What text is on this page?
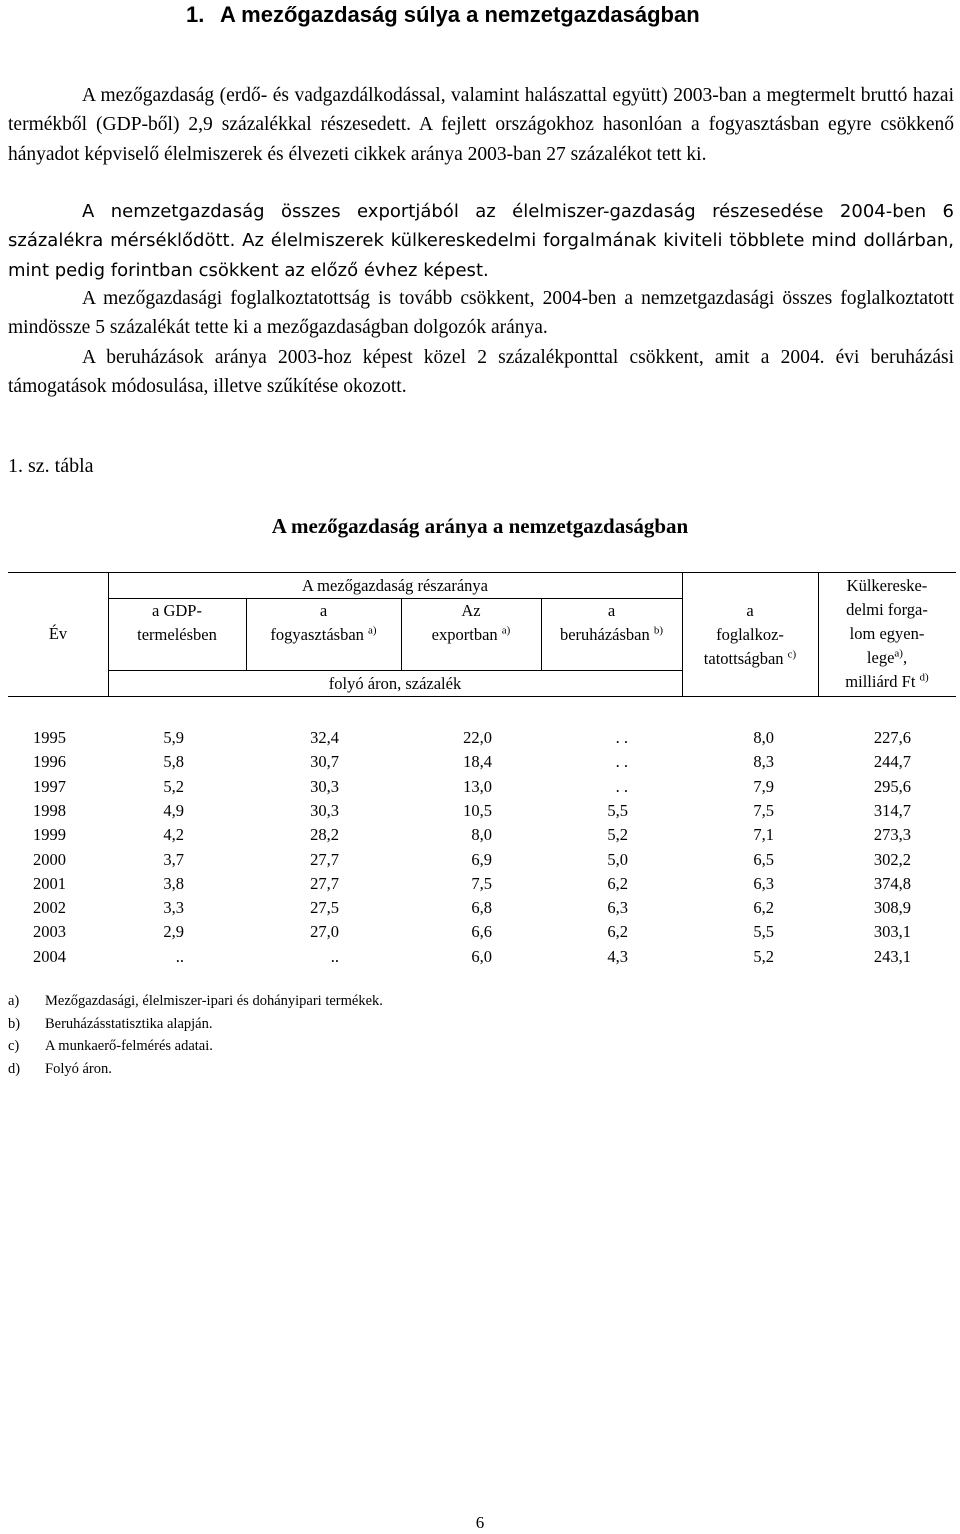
1. A mezőgazdaság súlya a nemzetgazdaságban
A mezőgazdaság (erdő- és vadgazdálkodással, valamint halászattal együtt) 2003-ban a megtermelt bruttó hazai termékből (GDP-ből) 2,9 százalékkal részesedett. A fejlett országokhoz hasonlóan a fogyasztásban egyre csökkenő hányadot képviselő élelmiszerek és élvezeti cikkek aránya 2003-ban 27 százalékot tett ki.
A nemzetgazdaság összes exportjából az élelmiszer-gazdaság részesedése 2004-ben 6 százalékra mérséklődött. Az élelmiszerek külkereskedelmi forgalmának kiviteli többlete mind dollárban, mint pedig forintban csökkent az előző évhez képest.
A mezőgazdasági foglalkoztatottság is tovább csökkent, 2004-ben a nemzetgazdasági összes foglalkoztatott mindössze 5 százalékát tette ki a mezőgazdaságban dolgozók aránya.
A beruházások aránya 2003-hoz képest közel 2 százalékponttal csökkent, amit a 2004. évi beruházási támogatások módosulása, illetve szűkítése okozott.
1. sz. tábla
A mezőgazdaság aránya a nemzetgazdaságban
Év
A mezőgazdaság részaránya
folyó áron, százalék
a GDP-
termelésben
a
fogyasztásban $^{a)}$
Az
exportban $^{a)}$
a
beruházásban $^{b)}$
a
foglalkoz-
tatottságban $^{c)}$
Külkereske-
delmi forga-
lom egyen-
lege$^{a)}$,
milliárd Ft $^{d)}$
1995	5,9	32,4	22,0	. .	8,0	227,6
1996	5,8	30,7	18,4	. .	8,3	244,7
1997	5,2	30,3	13,0	. .	7,9	295,6
1998	4,9	30,3	10,5	5,5	7,5	314,7
1999	4,2	28,2	8,0	5,2	7,1	273,3
2000	3,7	27,7	6,9	5,0	6,5	302,2
2001	3,8	27,7	7,5	6,2	6,3	374,8
2002	3,3	27,5	6,8	6,3	6,2	308,9
2003	2,9	27,0	6,6	6,2	5,5	303,1
2004	..	..	6,0	4,3	5,2	243,1
a)	Mezőgazdasági, élelmiszer-ipari és dohányipari termékek.
b)	Beruházásstatisztika alapján.
c)	A munkaerő-felmérés adatai.
d)	Folyó áron.
6
